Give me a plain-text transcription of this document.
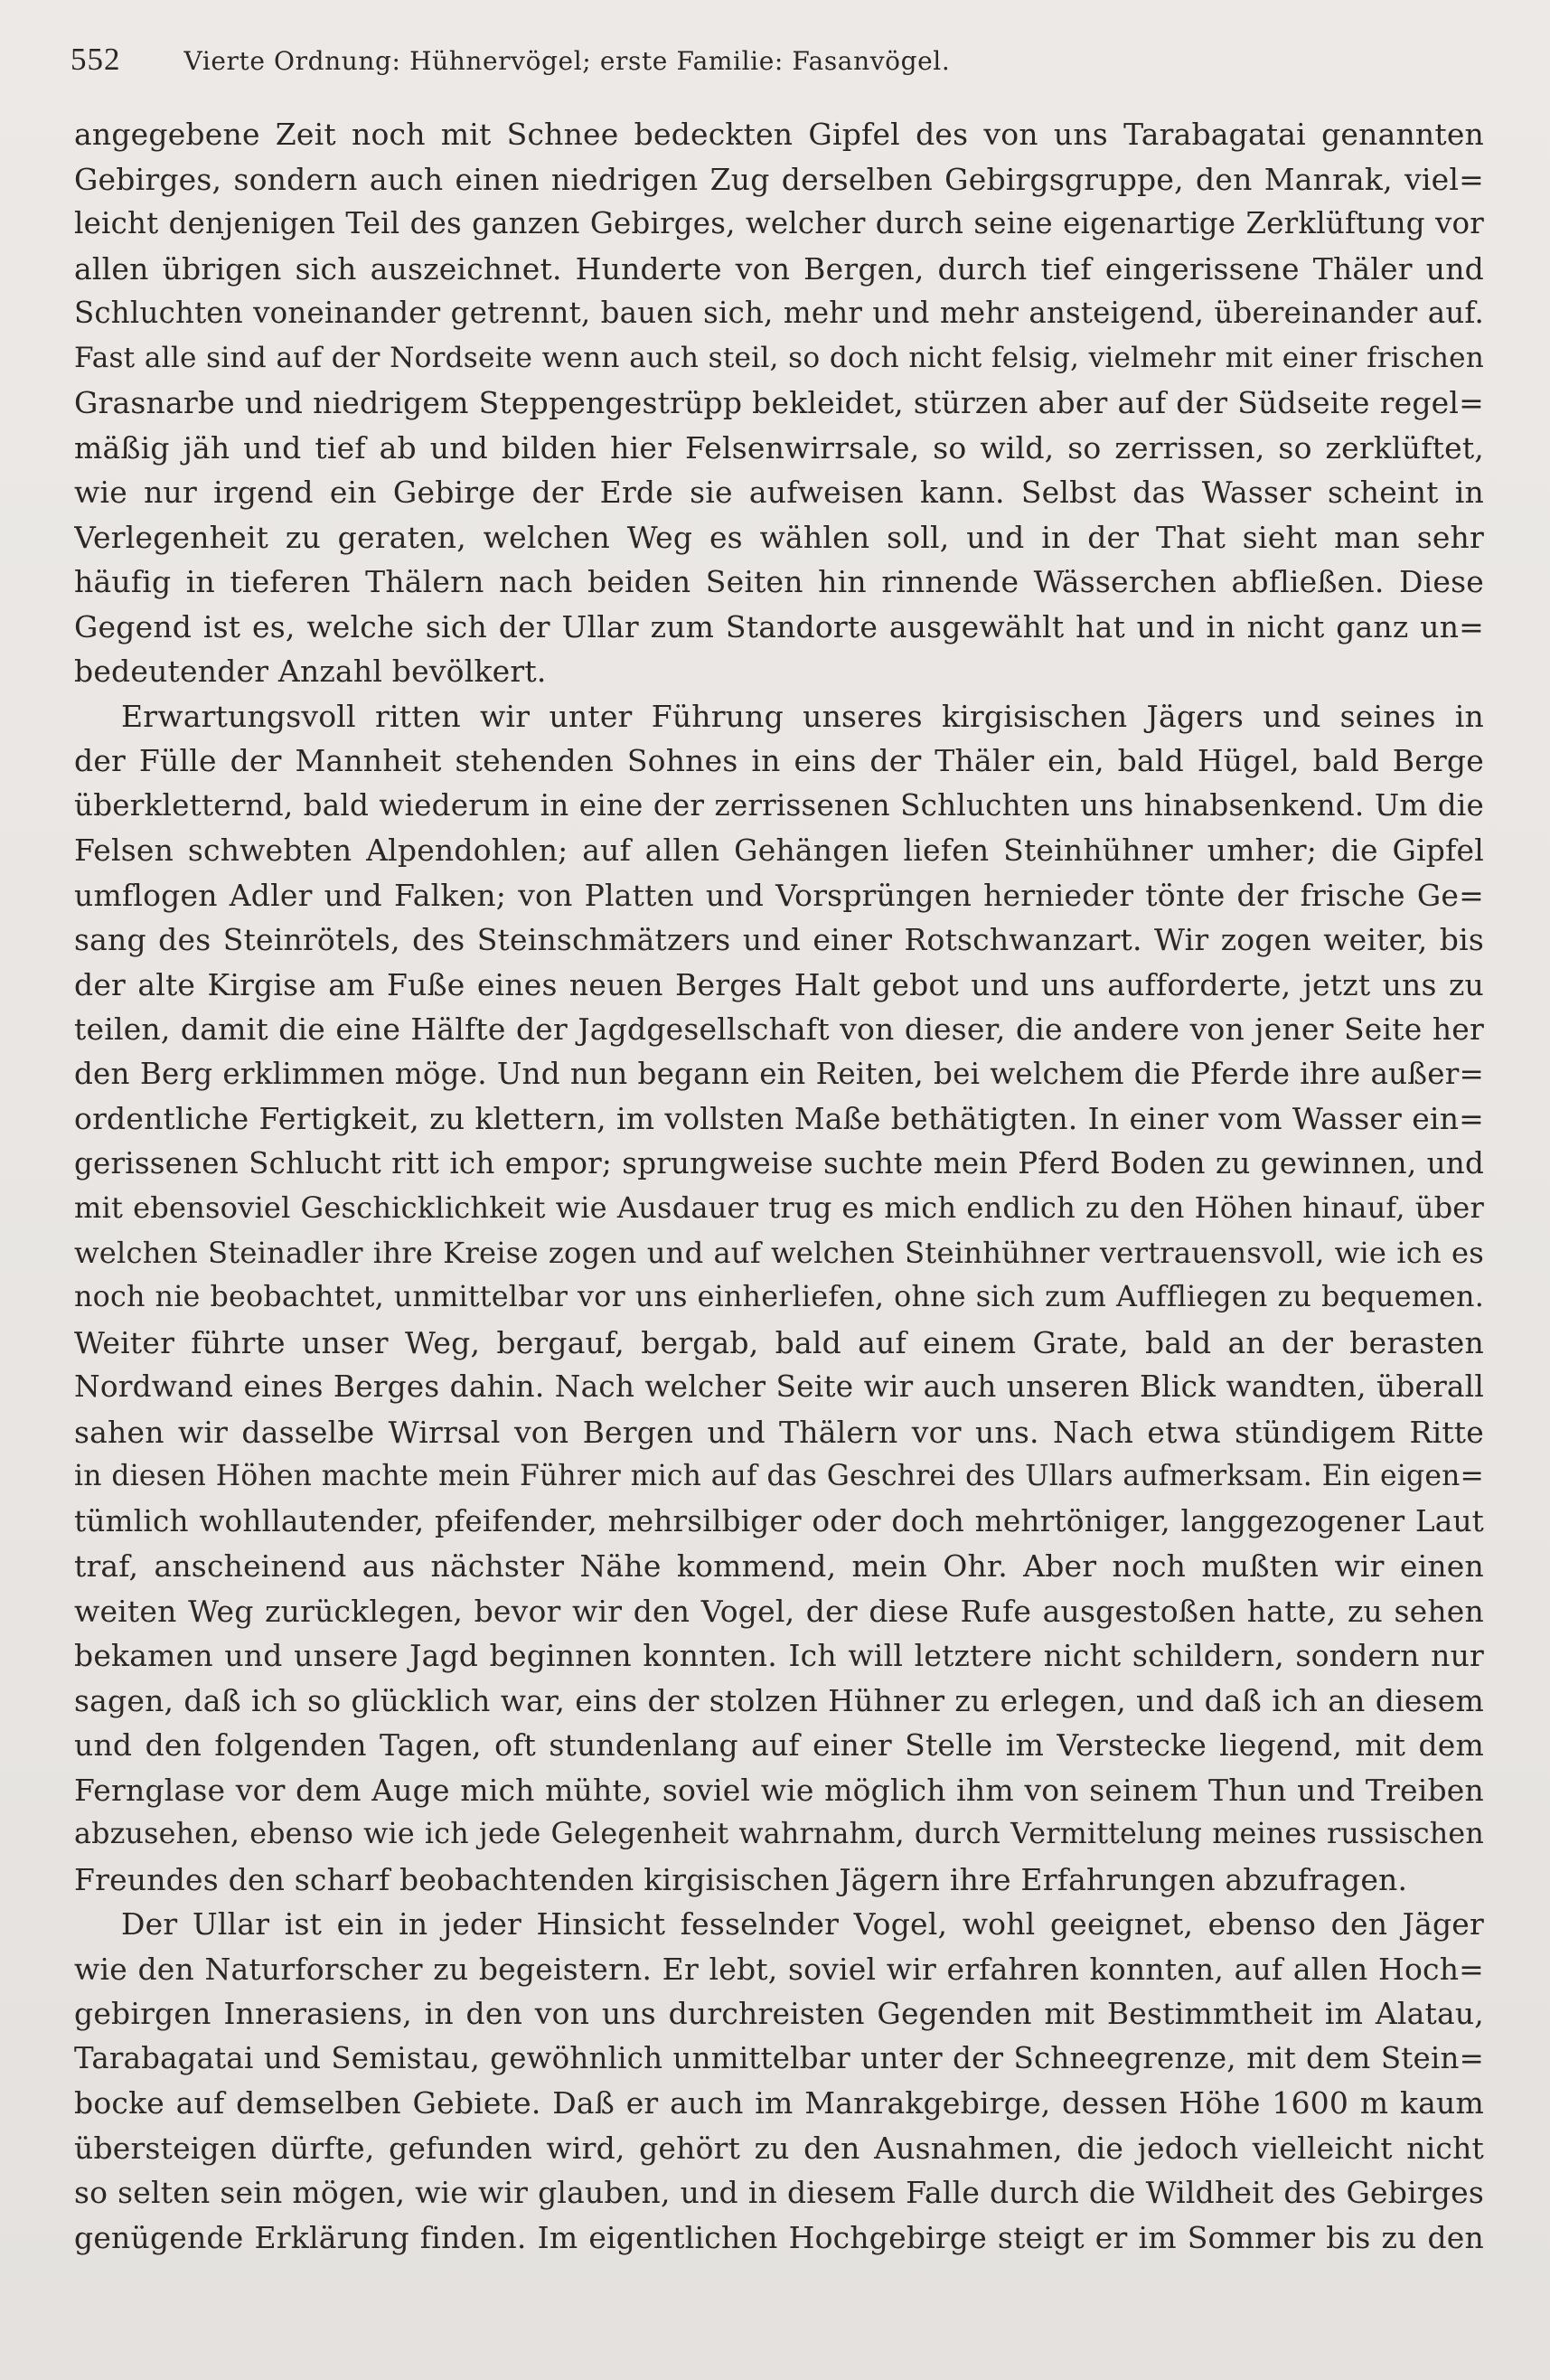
552	Vierte Ordnung: Hühnervögel; erste Familie: Fasanvögel.
angegebene Zeit noch mit Schnee bedeckten Gipfel des von uns Tarabagatai genannten
Gebirges, sondern auch einen niedrigen Zug derselben Gebirgsgruppe, den Manrak, viel=
leicht denjenigen Teil des ganzen Gebirges, welcher durch seine eigenartige Zerklüftung vor
allen übrigen sich auszeichnet. Hunderte von Bergen, durch tief eingerissene Thäler und
Schluchten voneinander getrennt, bauen sich, mehr und mehr ansteigend, übereinander auf.
Fast alle sind auf der Nordseite wenn auch steil, so doch nicht felsig, vielmehr mit einer frischen
Grasnarbe und niedrigem Steppengestrüpp bekleidet, stürzen aber auf der Südseite regel=
mäßig jäh und tief ab und bilden hier Felsenwirrsale, so wild, so zerrissen, so zerklüftet,
wie nur irgend ein Gebirge der Erde sie aufweisen kann. Selbst das Wasser scheint in
Verlegenheit zu geraten, welchen Weg es wählen soll, und in der That sieht man sehr
häufig in tieferen Thälern nach beiden Seiten hin rinnende Wässerchen abfließen. Diese
Gegend ist es, welche sich der Ullar zum Standorte ausgewählt hat und in nicht ganz un=
bedeutender Anzahl bevölkert.
Erwartungsvoll ritten wir unter Führung unseres kirgisischen Jägers und seines in
der Fülle der Mannheit stehenden Sohnes in eins der Thäler ein, bald Hügel, bald Berge
überkletternd, bald wiederum in eine der zerrissenen Schluchten uns hinabsenkend. Um die
Felsen schwebten Alpendohlen; auf allen Gehängen liefen Steinhühner umher; die Gipfel
umflogen Adler und Falken; von Platten und Vorsprüngen hernieder tönte der frische Ge=
sang des Steinrötels, des Steinschmätzers und einer Rotschwanzart. Wir zogen weiter, bis
der alte Kirgise am Fuße eines neuen Berges Halt gebot und uns aufforderte, jetzt uns zu
teilen, damit die eine Hälfte der Jagdgesellschaft von dieser, die andere von jener Seite her
den Berg erklimmen möge. Und nun begann ein Reiten, bei welchem die Pferde ihre außer=
ordentliche Fertigkeit, zu klettern, im vollsten Maße bethätigten. In einer vom Wasser ein=
gerissenen Schlucht ritt ich empor; sprungweise suchte mein Pferd Boden zu gewinnen, und
mit ebensoviel Geschicklichkeit wie Ausdauer trug es mich endlich zu den Höhen hinauf, über
welchen Steinadler ihre Kreise zogen und auf welchen Steinhühner vertrauensvoll, wie ich es
noch nie beobachtet, unmittelbar vor uns einherliefen, ohne sich zum Auffliegen zu bequemen.
Weiter führte unser Weg, bergauf, bergab, bald auf einem Grate, bald an der berasten
Nordwand eines Berges dahin. Nach welcher Seite wir auch unseren Blick wandten, überall
sahen wir dasselbe Wirrsal von Bergen und Thälern vor uns. Nach etwa stündigem Ritte
in diesen Höhen machte mein Führer mich auf das Geschrei des Ullars aufmerksam. Ein eigen=
tümlich wohllautender, pfeifender, mehrsilbiger oder doch mehrtöniger, langgezogener Laut
traf, anscheinend aus nächster Nähe kommend, mein Ohr. Aber noch mußten wir einen
weiten Weg zurücklegen, bevor wir den Vogel, der diese Rufe ausgestoßen hatte, zu sehen
bekamen und unsere Jagd beginnen konnten. Ich will letztere nicht schildern, sondern nur
sagen, daß ich so glücklich war, eins der stolzen Hühner zu erlegen, und daß ich an diesem
und den folgenden Tagen, oft stundenlang auf einer Stelle im Verstecke liegend, mit dem
Fernglase vor dem Auge mich mühte, soviel wie möglich ihm von seinem Thun und Treiben
abzusehen, ebenso wie ich jede Gelegenheit wahrnahm, durch Vermittelung meines russischen
Freundes den scharf beobachtenden kirgisischen Jägern ihre Erfahrungen abzufragen.
Der Ullar ist ein in jeder Hinsicht fesselnder Vogel, wohl geeignet, ebenso den Jäger
wie den Naturforscher zu begeistern. Er lebt, soviel wir erfahren konnten, auf allen Hoch=
gebirgen Innerasiens, in den von uns durchreisten Gegenden mit Bestimmtheit im Alatau,
Tarabagatai und Semistau, gewöhnlich unmittelbar unter der Schneegrenze, mit dem Stein=
bocke auf demselben Gebiete. Daß er auch im Manrakgebirge, dessen Höhe 1600 m kaum
übersteigen dürfte, gefunden wird, gehört zu den Ausnahmen, die jedoch vielleicht nicht
so selten sein mögen, wie wir glauben, und in diesem Falle durch die Wildheit des Gebirges
genügende Erklärung finden. Im eigentlichen Hochgebirge steigt er im Sommer bis zu den
